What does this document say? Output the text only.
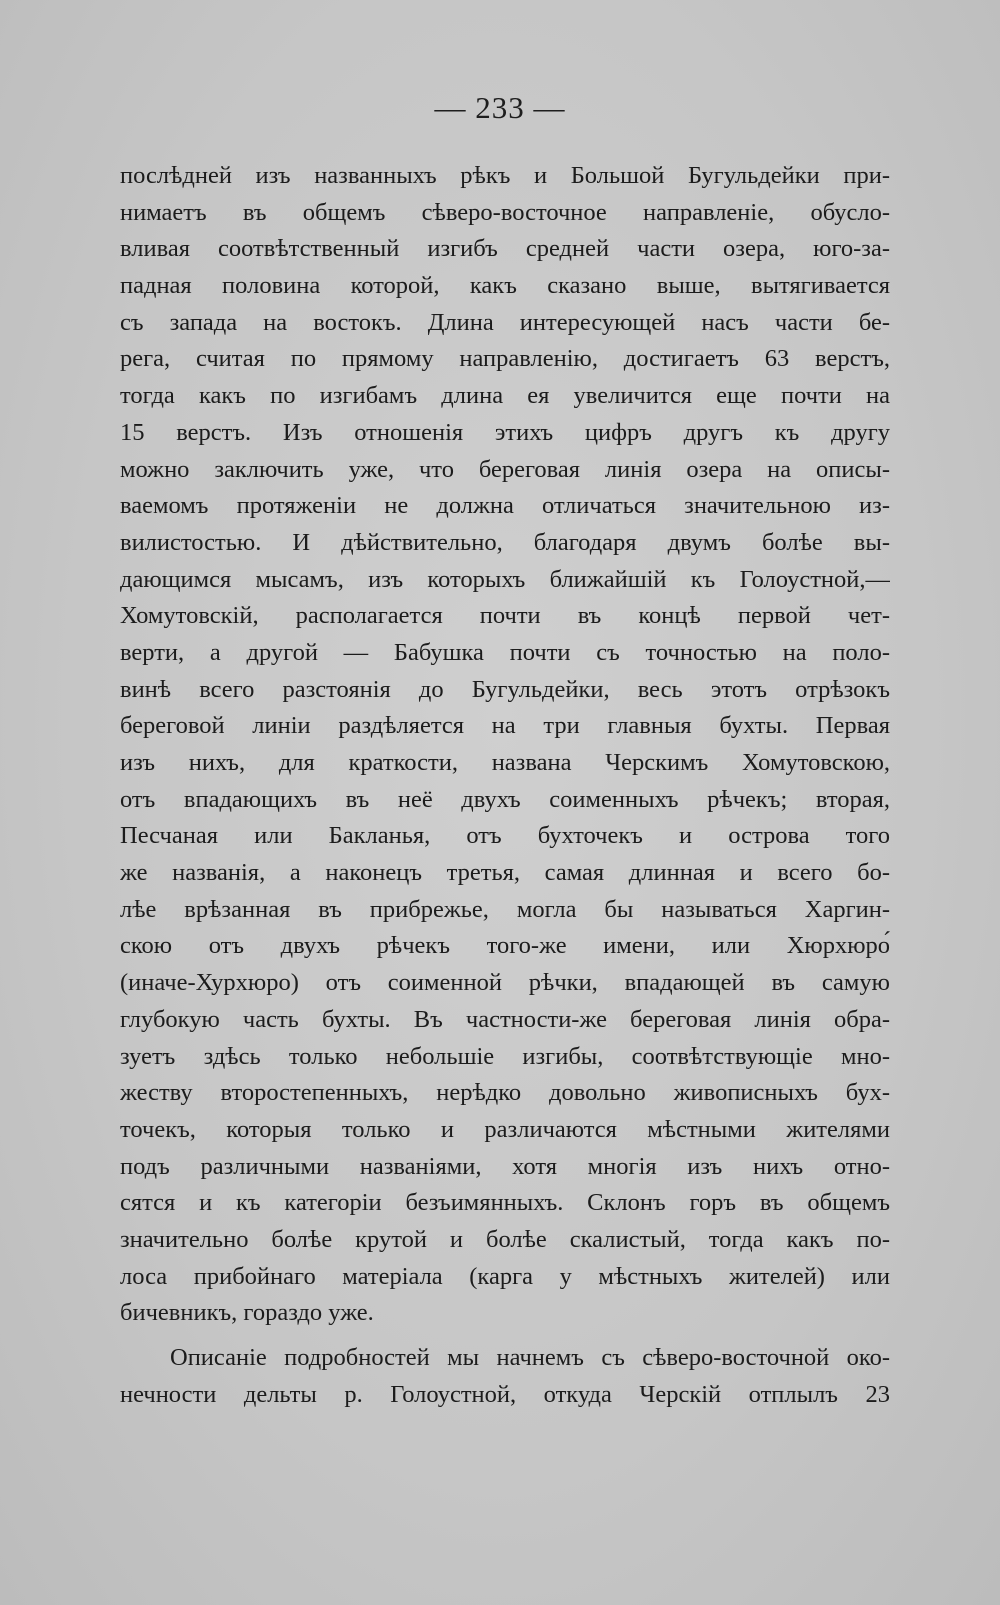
— 233 —
послѣдней изъ названныхъ рѣкъ и Большой Бугульдейки при-
нимаетъ въ общемъ сѣверо-восточное направленіе, обусло-
вливая соотвѣтственный изгибъ средней части озера, юго-за-
падная половина которой, какъ сказано выше, вытягивается
съ запада на востокъ. Длина интересующей насъ части бе-
рега, считая по прямому направленію, достигаетъ 63 верстъ,
тогда какъ по изгибамъ длина ея увеличится еще почти на
15 верстъ. Изъ отношенія этихъ цифръ другъ къ другу
можно заключить уже, что береговая линія озера на описы-
ваемомъ протяженіи не должна отличаться значительною из-
вилистостью. И дѣйствительно, благодаря двумъ болѣе вы-
дающимся мысамъ, изъ которыхъ ближайшій къ Голоустной,—
Хомутовскій, располагается почти въ концѣ первой чет-
верти, а другой — Бабушка почти съ точностью на поло-
винѣ всего разстоянія до Бугульдейки, весь этотъ отрѣзокъ
береговой линіи раздѣляется на три главныя бухты. Первая
изъ нихъ, для краткости, названа Черскимъ Хомутовскою,
отъ впадающихъ въ неё двухъ соименныхъ рѣчекъ; вторая,
Песчаная или Бакланья, отъ бухточекъ и острова того
же названія, а наконецъ третья, самая длинная и всего бо-
лѣе врѣзанная въ прибрежье, могла бы называться Харгин-
скою отъ двухъ рѣчекъ того-же имени, или Хюрхюро́
(иначе-Хурхюро) отъ соименной рѣчки, впадающей въ самую
глубокую часть бухты. Въ частности-же береговая линія обра-
зуетъ здѣсь только небольшіе изгибы, соотвѣтствующіе мно-
жеству второстепенныхъ, нерѣдко довольно живописныхъ бух-
точекъ, которыя только и различаются мѣстными жителями
подъ различными названіями, хотя многія изъ нихъ отно-
сятся и къ категоріи безъимянныхъ. Склонъ горъ въ общемъ
значительно болѣе крутой и болѣе скалистый, тогда какъ по-
лоса прибойнаго матеріала (карга у мѣстныхъ жителей) или
бичевникъ, гораздо уже.
Описаніе подробностей мы начнемъ съ сѣверо-восточной око-
нечности дельты р. Голоустной, откуда Черскій отплылъ 23
